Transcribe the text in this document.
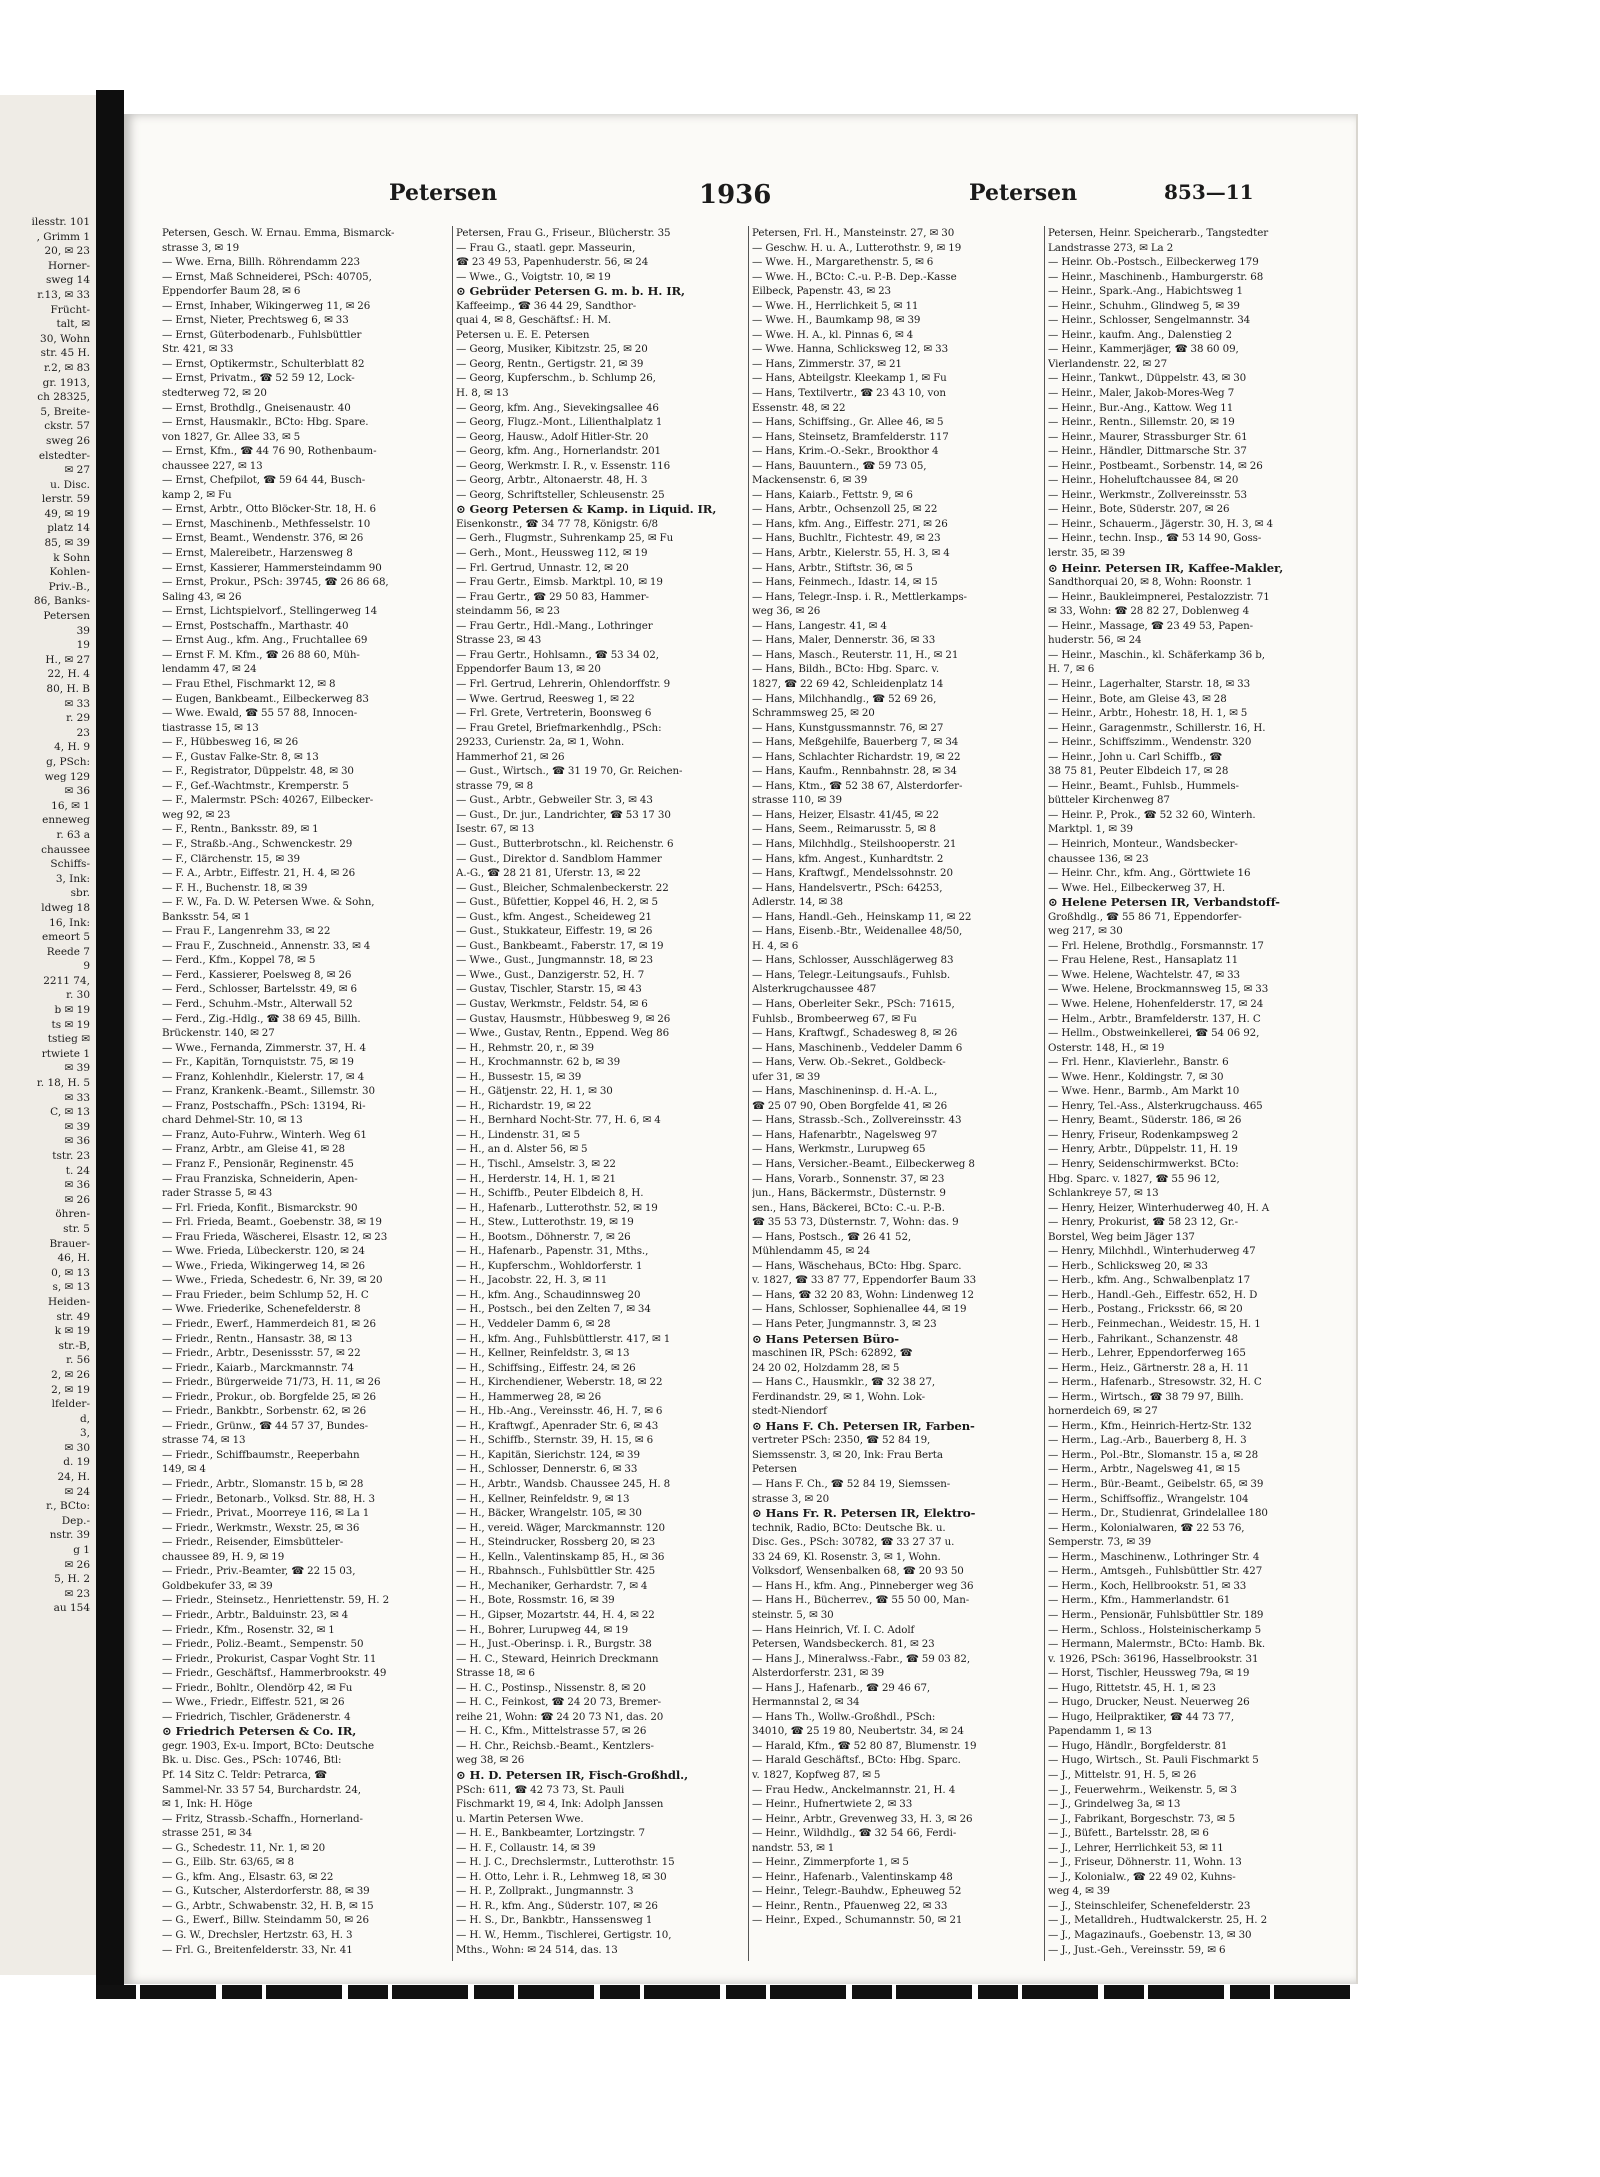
ilesstr. 101
, Grimm 1
20, ✉ 23
Horner-
sweg 14
r.13, ✉ 33
Frücht-
talt, ✉
30, Wohn
str. 45 H.
r.2, ✉ 83
gr. 1913,
ch 28325,
5, Breite-
ckstr. 57
sweg 26
elstedter-
✉ 27
u. Disc.
lerstr. 59
49, ✉ 19
platz 14
85, ✉ 39
k Sohn
Kohlen-
Priv.-B.,
86, Banks-
Petersen
39
19
H., ✉ 27
22, H. 4
80, H. B
✉ 33
r. 29
23
4, H. 9
g, PSch:
weg 129
✉ 36
16, ✉ 1
enneweg
r. 63 a
chaussee
Schiffs-
3, Ink:
sbr.
ldweg 18
16, Ink:
emeort 5
Reede 7
9
2211 74,
r. 30
b ✉ 19
ts ✉ 19
tstieg ✉
rtwiete 1
✉ 39
r. 18, H. 5
✉ 33
C, ✉ 13
✉ 39
✉ 36
tstr. 23
t. 24
✉ 36
✉ 26
öhren-
str. 5
Brauer-
46, H.
0, ✉ 13
s, ✉ 13
Heiden-
str. 49
k ✉ 19
str.-B,
r. 56
2, ✉ 26
2, ✉ 19
lfelder-
d,
3,
✉ 30
d. 19
24, H.
✉ 24
r., BCto:
Dep.-
nstr. 39
g 1
✉ 26
5, H. 2
✉ 23
au 154
Petersen	1936	Petersen	853—11
Petersen, Gesch. W. Ernau. Emma, Bismarck-
strasse 3, ✉ 19
— Wwe. Erna, Billh. Röhrendamm 223
— Ernst, Maß Schneiderei, PSch: 40705,
Eppendorfer Baum 28, ✉ 6
— Ernst, Inhaber, Wikingerweg 11, ✉ 26
— Ernst, Nieter, Prechtsweg 6, ✉ 33
— Ernst, Güterbodenarb., Fuhlsbüttler
Str. 421, ✉ 33
— Ernst, Optikermstr., Schulterblatt 82
— Ernst, Privatm., ☎ 52 59 12, Lock-
stedterweg 72, ✉ 20
— Ernst, Brothdlg., Gneisenaustr. 40
— Ernst, Hausmaklr., BCto: Hbg. Spare.
von 1827, Gr. Allee 33, ✉ 5
— Ernst, Kfm., ☎ 44 76 90, Rothenbaum-
chaussee 227, ✉ 13
— Ernst, Chefpilot, ☎ 59 64 44, Busch-
kamp 2, ✉ Fu
— Ernst, Arbtr., Otto Blöcker-Str. 18, H. 6
— Ernst, Maschinenb., Methfesselstr. 10
— Ernst, Beamt., Wendenstr. 376, ✉ 26
— Ernst, Malereibetr., Harzensweg 8
— Ernst, Kassierer, Hammersteindamm 90
— Ernst, Prokur., PSch: 39745, ☎ 26 86 68,
Saling 43, ✉ 26
— Ernst, Lichtspielvorf., Stellingerweg 14
— Ernst, Postschaffn., Marthastr. 40
— Ernst Aug., kfm. Ang., Fruchtallee 69
— Ernst F. M. Kfm., ☎ 26 88 60, Müh-
lendamm 47, ✉ 24
— Frau Ethel, Fischmarkt 12, ✉ 8
— Eugen, Bankbeamt., Eilbeckerweg 83
— Wwe. Ewald, ☎ 55 57 88, Innocen-
tiastrasse 15, ✉ 13
— F., Hübbesweg 16, ✉ 26
— F., Gustav Falke-Str. 8, ✉ 13
— F., Registrator, Düppelstr. 48, ✉ 30
— F., Gef.-Wachtmstr., Kremperstr. 5
— F., Malermstr. PSch: 40267, Eilbecker-
weg 92, ✉ 23
— F., Rentn., Banksstr. 89, ✉ 1
— F., Straßb.-Ang., Schwenckestr. 29
— F., Clärchenstr. 15, ✉ 39
— F. A., Arbtr., Eiffestr. 21, H. 4, ✉ 26
— F. H., Buchenstr. 18, ✉ 39
— F. W., Fa. D. W. Petersen Wwe. & Sohn,
Banksstr. 54, ✉ 1
— Frau F., Langenrehm 33, ✉ 22
— Frau F., Zuschneid., Annenstr. 33, ✉ 4
— Ferd., Kfm., Koppel 78, ✉ 5
— Ferd., Kassierer, Poelsweg 8, ✉ 26
— Ferd., Schlosser, Bartelsstr. 49, ✉ 6
— Ferd., Schuhm.-Mstr., Alterwall 52
— Ferd., Zig.-Hdlg., ☎ 38 69 45, Billh.
Brückenstr. 140, ✉ 27
— Wwe., Fernanda, Zimmerstr. 37, H. 4
— Fr., Kapitän, Tornquiststr. 75, ✉ 19
— Franz, Kohlenhdlr., Kielerstr. 17, ✉ 4
— Franz, Krankenk.-Beamt., Sillemstr. 30
— Franz, Postschaffn., PSch: 13194, Ri-
chard Dehmel-Str. 10, ✉ 13
— Franz, Auto-Fuhrw., Winterh. Weg 61
— Franz, Arbtr., am Gleise 41, ✉ 28
— Franz F., Pensionär, Reginenstr. 45
— Frau Franziska, Schneiderin, Apen-
rader Strasse 5, ✉ 43
— Frl. Frieda, Konfit., Bismarckstr. 90
— Frl. Frieda, Beamt., Goebenstr. 38, ✉ 19
— Frau Frieda, Wäscherei, Elsastr. 12, ✉ 23
— Wwe. Frieda, Lübeckerstr. 120, ✉ 24
— Wwe., Frieda, Wikingerweg 14, ✉ 26
— Wwe., Frieda, Schedestr. 6, Nr. 39, ✉ 20
— Frau Frieder., beim Schlump 52, H. C
— Wwe. Friederike, Schenefelderstr. 8
— Friedr., Ewerf., Hammerdeich 81, ✉ 26
— Friedr., Rentn., Hansastr. 38, ✉ 13
— Friedr., Arbtr., Desenissstr. 57, ✉ 22
— Friedr., Kaiarb., Marckmannstr. 74
— Friedr., Bürgerweide 71/73, H. 11, ✉ 26
— Friedr., Prokur., ob. Borgfelde 25, ✉ 26
— Friedr., Bankbtr., Sorbenstr. 62, ✉ 26
— Friedr., Grünw., ☎ 44 57 37, Bundes-
strasse 74, ✉ 13
— Friedr., Schiffbaumstr., Reeperbahn
149, ✉ 4
— Friedr., Arbtr., Slomanstr. 15 b, ✉ 28
— Friedr., Betonarb., Volksd. Str. 88, H. 3
— Friedr., Privat., Moorreye 116, ✉ La 1
— Friedr., Werkmstr., Wexstr. 25, ✉ 36
— Friedr., Reisender, Eimsbütteler-
chaussee 89, H. 9, ✉ 19
— Friedr., Priv.-Beamter, ☎ 22 15 03,
Goldbekufer 33, ✉ 39
— Friedr., Steinsetz., Henriettenstr. 59, H. 2
— Friedr., Arbtr., Balduinstr. 23, ✉ 4
— Friedr., Kfm., Rosenstr. 32, ✉ 1
— Friedr., Poliz.-Beamt., Sempenstr. 50
— Friedr., Prokurist, Caspar Voght Str. 11
— Friedr., Geschäftsf., Hammerbrookstr. 49
— Friedr., Bohltr., Olendörp 42, ✉ Fu
— Wwe., Friedr., Eiffestr. 521, ✉ 26
— Friedrich, Tischler, Grädenerstr. 4
⊙ Friedrich Petersen & Co. IR,
gegr. 1903, Ex-u. Import, BCto: Deutsche
Bk. u. Disc. Ges., PSch: 10746, Btl:
Pf. 14 Sitz C. Teldr: Petrarca, ☎
Sammel-Nr. 33 57 54, Burchardstr. 24,
✉ 1, Ink: H. Höge
— Fritz, Strassb.-Schaffn., Hornerland-
strasse 251, ✉ 34
— G., Schedestr. 11, Nr. 1, ✉ 20
— G., Eilb. Str. 63/65, ✉ 8
— G., kfm. Ang., Elsastr. 63, ✉ 22
— G., Kutscher, Alsterdorferstr. 88, ✉ 39
— G., Arbtr., Schwabenstr. 32, H. B, ✉ 15
— G., Ewerf., Billw. Steindamm 50, ✉ 26
— G. W., Drechsler, Hertzstr. 63, H. 3
— Frl. G., Breitenfelderstr. 33, Nr. 41
Petersen, Frau G., Friseur., Blücherstr. 35
— Frau G., staatl. gepr. Masseurin,
☎ 23 49 53, Papenhuderstr. 56, ✉ 24
— Wwe., G., Voigtstr. 10, ✉ 19
⊙ Gebrüder Petersen G. m. b. H. IR,
Kaffeeimp., ☎ 36 44 29, Sandthor-
quai 4, ✉ 8, Geschäftsf.: H. M.
Petersen u. E. E. Petersen
— Georg, Musiker, Kibitzstr. 25, ✉ 20
— Georg, Rentn., Gertigstr. 21, ✉ 39
— Georg, Kupferschm., b. Schlump 26,
H. 8, ✉ 13
— Georg, kfm. Ang., Sievekingsallee 46
— Georg, Flugz.-Mont., Lilienthalplatz 1
— Georg, Hausw., Adolf Hitler-Str. 20
— Georg, kfm. Ang., Hornerlandstr. 201
— Georg, Werkmstr. I. R., v. Essenstr. 116
— Georg, Arbtr., Altonaerstr. 48, H. 3
— Georg, Schriftsteller, Schleusenstr. 25
⊙ Georg Petersen & Kamp. in Liquid. IR,
Eisenkonstr., ☎ 34 77 78, Königstr. 6/8
— Gerh., Flugmstr., Suhrenkamp 25, ✉ Fu
— Gerh., Mont., Heussweg 112, ✉ 19
— Frl. Gertrud, Unnastr. 12, ✉ 20
— Frau Gertr., Eimsb. Marktpl. 10, ✉ 19
— Frau Gertr., ☎ 29 50 83, Hammer-
steindamm 56, ✉ 23
— Frau Gertr., Hdl.-Mang., Lothringer
Strasse 23, ✉ 43
— Frau Gertr., Hohlsamn., ☎ 53 34 02,
Eppendorfer Baum 13, ✉ 20
— Frl. Gertrud, Lehrerin, Ohlendorffstr. 9
— Wwe. Gertrud, Reesweg 1, ✉ 22
— Frl. Grete, Vertreterin, Boonsweg 6
— Frau Gretel, Briefmarkenhdlg., PSch:
29233, Curienstr. 2a, ✉ 1, Wohn.
Hammerhof 21, ✉ 26
— Gust., Wirtsch., ☎ 31 19 70, Gr. Reichen-
strasse 79, ✉ 8
— Gust., Arbtr., Gebweiler Str. 3, ✉ 43
— Gust., Dr. jur., Landrichter, ☎ 53 17 30
Isestr. 67, ✉ 13
— Gust., Butterbrotschn., kl. Reichenstr. 6
— Gust., Direktor d. Sandblom Hammer
A.-G., ☎ 28 21 81, Uferstr. 13, ✉ 22
— Gust., Bleicher, Schmalenbeckerstr. 22
— Gust., Büfettier, Koppel 46, H. 2, ✉ 5
— Gust., kfm. Angest., Scheideweg 21
— Gust., Stukkateur, Eiffestr. 19, ✉ 26
— Gust., Bankbeamt., Faberstr. 17, ✉ 19
— Wwe., Gust., Jungmannstr. 18, ✉ 23
— Wwe., Gust., Danzigerstr. 52, H. 7
— Gustav, Tischler, Starstr. 15, ✉ 43
— Gustav, Werkmstr., Feldstr. 54, ✉ 6
— Gustav, Hausmstr., Hübbesweg 9, ✉ 26
— Wwe., Gustav, Rentn., Eppend. Weg 86
— H., Rehmstr. 20, r., ✉ 39
— H., Krochmannstr. 62 b, ✉ 39
— H., Bussestr. 15, ✉ 39
— H., Gätjenstr. 22, H. 1, ✉ 30
— H., Richardstr. 19, ✉ 22
— H., Bernhard Nocht-Str. 77, H. 6, ✉ 4
— H., Lindenstr. 31, ✉ 5
— H., an d. Alster 56, ✉ 5
— H., Tischl., Amselstr. 3, ✉ 22
— H., Herderstr. 14, H. 1, ✉ 21
— H., Schiffb., Peuter Elbdeich 8, H.
— H., Hafenarb., Lutterothstr. 52, ✉ 19
— H., Stew., Lutterothstr. 19, ✉ 19
— H., Bootsm., Döhnerstr. 7, ✉ 26
— H., Hafenarb., Papenstr. 31, Mths.,
— H., Kupferschm., Wohldorferstr. 1
— H., Jacobstr. 22, H. 3, ✉ 11
— H., kfm. Ang., Schaudinnsweg 20
— H., Postsch., bei den Zelten 7, ✉ 34
— H., Veddeler Damm 6, ✉ 28
— H., kfm. Ang., Fuhlsbüttlerstr. 417, ✉ 1
— H., Kellner, Reinfeldstr. 3, ✉ 13
— H., Schiffsing., Eiffestr. 24, ✉ 26
— H., Kirchendiener, Weberstr. 18, ✉ 22
— H., Hammerweg 28, ✉ 26
— H., Hb.-Ang., Vereinsstr. 46, H. 7, ✉ 6
— H., Kraftwgf., Apenrader Str. 6, ✉ 43
— H., Schiffb., Sternstr. 39, H. 15, ✉ 6
— H., Kapitän, Sierichstr. 124, ✉ 39
— H., Schlosser, Dennerstr. 6, ✉ 33
— H., Arbtr., Wandsb. Chaussee 245, H. 8
— H., Kellner, Reinfeldstr. 9, ✉ 13
— H., Bäcker, Wrangelstr. 105, ✉ 30
— H., vereid. Wäger, Marckmannstr. 120
— H., Steindrucker, Rossberg 20, ✉ 23
— H., Kelln., Valentinskamp 85, H., ✉ 36
— H., Rbahnsch., Fuhlsbüttler Str. 425
— H., Mechaniker, Gerhardstr. 7, ✉ 4
— H., Bote, Rossmstr. 16, ✉ 39
— H., Gipser, Mozartstr. 44, H. 4, ✉ 22
— H., Bohrer, Lurupweg 44, ✉ 19
— H., Just.-Oberinsp. i. R., Burgstr. 38
— H. C., Steward, Heinrich Dreckmann
Strasse 18, ✉ 6
— H. C., Postinsp., Nissenstr. 8, ✉ 20
— H. C., Feinkost, ☎ 24 20 73, Bremer-
reihe 21, Wohn: ☎ 24 20 73 N1, das. 20
— H. C., Kfm., Mittelstrasse 57, ✉ 26
— H. Chr., Reichsb.-Beamt., Kentzlers-
weg 38, ✉ 26
⊙ H. D. Petersen IR, Fisch-Großhdl.,
PSch: 611, ☎ 42 73 73, St. Pauli
Fischmarkt 19, ✉ 4, Ink: Adolph Janssen
u. Martin Petersen Wwe.
— H. E., Bankbeamter, Lortzingstr. 7
— H. F., Collaustr. 14, ✉ 39
— H. J. C., Drechslermstr., Lutterothstr. 15
— H. Otto, Lehr. i. R., Lehmweg 18, ✉ 30
— H. P., Zollprakt., Jungmannstr. 3
— H. R., kfm. Ang., Süderstr. 107, ✉ 26
— H. S., Dr., Bankbtr., Hanssensweg 1
— H. W., Hemm., Tischlerei, Gertigstr. 10,
Mths., Wohn: ✉ 24 514, das. 13
Petersen, Frl. H., Mansteinstr. 27, ✉ 30
— Geschw. H. u. A., Lutterothstr. 9, ✉ 19
— Wwe. H., Margarethenstr. 5, ✉ 6
— Wwe. H., BCto: C.-u. P.-B. Dep.-Kasse
Eilbeck, Papenstr. 43, ✉ 23
— Wwe. H., Herrlichkeit 5, ✉ 11
— Wwe. H., Baumkamp 98, ✉ 39
— Wwe. H. A., kl. Pinnas 6, ✉ 4
— Wwe. Hanna, Schlicksweg 12, ✉ 33
— Hans, Zimmerstr. 37, ✉ 21
— Hans, Abteilgstr. Kleekamp 1, ✉ Fu
— Hans, Textilvertr., ☎ 23 43 10, von
Essenstr. 48, ✉ 22
— Hans, Schiffsing., Gr. Allee 46, ✉ 5
— Hans, Steinsetz, Bramfelderstr. 117
— Hans, Krim.-O.-Sekr., Brookthor 4
— Hans, Bauuntern., ☎ 59 73 05,
Mackensenstr. 6, ✉ 39
— Hans, Kaiarb., Fettstr. 9, ✉ 6
— Hans, Arbtr., Ochsenzoll 25, ✉ 22
— Hans, kfm. Ang., Eiffestr. 271, ✉ 26
— Hans, Buchltr., Fichtestr. 49, ✉ 23
— Hans, Arbtr., Kielerstr. 55, H. 3, ✉ 4
— Hans, Arbtr., Stiftstr. 36, ✉ 5
— Hans, Feinmech., Idastr. 14, ✉ 15
— Hans, Telegr.-Insp. i. R., Mettlerkamps-
weg 36, ✉ 26
— Hans, Langestr. 41, ✉ 4
— Hans, Maler, Dennerstr. 36, ✉ 33
— Hans, Masch., Reuterstr. 11, H., ✉ 21
— Hans, Bildh., BCto: Hbg. Sparc. v.
1827, ☎ 22 69 42, Schleidenplatz 14
— Hans, Milchhandlg., ☎ 52 69 26,
Schrammsweg 25, ✉ 20
— Hans, Kunstgussmannstr. 76, ✉ 27
— Hans, Meßgehilfe, Bauerberg 7, ✉ 34
— Hans, Schlachter Richardstr. 19, ✉ 22
— Hans, Kaufm., Rennbahnstr. 28, ✉ 34
— Hans, Ktm., ☎ 52 38 67, Alsterdorfer-
strasse 110, ✉ 39
— Hans, Heizer, Elsastr. 41/45, ✉ 22
— Hans, Seem., Reimarusstr. 5, ✉ 8
— Hans, Milchhdlg., Steilshooperstr. 21
— Hans, kfm. Angest., Kunhardtstr. 2
— Hans, Kraftwgf., Mendelssohnstr. 20
— Hans, Handelsvertr., PSch: 64253,
Adlerstr. 14, ✉ 38
— Hans, Handl.-Geh., Heinskamp 11, ✉ 22
— Hans, Eisenb.-Btr., Weidenallee 48/50,
H. 4, ✉ 6
— Hans, Schlosser, Ausschlägerweg 83
— Hans, Telegr.-Leitungsaufs., Fuhlsb.
Alsterkrugchaussee 487
— Hans, Oberleiter Sekr., PSch: 71615,
Fuhlsb., Brombeerweg 67, ✉ Fu
— Hans, Kraftwgf., Schadesweg 8, ✉ 26
— Hans, Maschinenb., Veddeler Damm 6
— Hans, Verw. Ob.-Sekret., Goldbeck-
ufer 31, ✉ 39
— Hans, Maschineninsp. d. H.-A. L.,
☎ 25 07 90, Oben Borgfelde 41, ✉ 26
— Hans, Strassb.-Sch., Zollvereinsstr. 43
— Hans, Hafenarbtr., Nagelsweg 97
— Hans, Werkmstr., Lurupweg 65
— Hans, Versicher.-Beamt., Eilbeckerweg 8
— Hans, Vorarb., Sonnenstr. 37, ✉ 23
jun., Hans, Bäckermstr., Düsternstr. 9
sen., Hans, Bäckerei, BCto: C.-u. P.-B.
☎ 35 53 73, Düsternstr. 7, Wohn: das. 9
— Hans, Postsch., ☎ 26 41 52,
Mühlendamm 45, ✉ 24
— Hans, Wäschehaus, BCto: Hbg. Sparc.
v. 1827, ☎ 33 87 77, Eppendorfer Baum 33
— Hans, ☎ 32 20 83, Wohn: Lindenweg 12
— Hans, Schlosser, Sophienallee 44, ✉ 19
— Hans Peter, Jungmannstr. 3, ✉ 23
⊙ Hans Petersen Büro-
maschinen IR, PSch: 62892, ☎
24 20 02, Holzdamm 28, ✉ 5
— Hans C., Hausmklr., ☎ 32 38 27,
Ferdinandstr. 29, ✉ 1, Wohn. Lok-
stedt-Niendorf
⊙ Hans F. Ch. Petersen IR, Farben-
vertreter PSch: 2350, ☎ 52 84 19,
Siemssenstr. 3, ✉ 20, Ink: Frau Berta
Petersen
— Hans F. Ch., ☎ 52 84 19, Siemssen-
strasse 3, ✉ 20
⊙ Hans Fr. R. Petersen IR, Elektro-
technik, Radio, BCto: Deutsche Bk. u.
Disc. Ges., PSch: 30782, ☎ 33 27 37 u.
33 24 69, Kl. Rosenstr. 3, ✉ 1, Wohn.
Volksdorf, Wensenbalken 68, ☎ 20 93 50
— Hans H., kfm. Ang., Pinneberger weg 36
— Hans H., Bücherrev., ☎ 55 50 00, Man-
steinstr. 5, ✉ 30
— Hans Heinrich, Vf. I. C. Adolf
Petersen, Wandsbeckerch. 81, ✉ 23
— Hans J., Mineralwss.-Fabr., ☎ 59 03 82,
Alsterdorferstr. 231, ✉ 39
— Hans J., Hafenarb., ☎ 29 46 67,
Hermannstal 2, ✉ 34
— Hans Th., Wollw.-Großhdl., PSch:
34010, ☎ 25 19 80, Neubertstr. 34, ✉ 24
— Harald, Kfm., ☎ 52 80 87, Blumenstr. 19
— Harald Geschäftsf., BCto: Hbg. Sparc.
v. 1827, Kopfweg 87, ✉ 5
— Frau Hedw., Anckelmannstr. 21, H. 4
— Heinr., Hufnertwiete 2, ✉ 33
— Heinr., Arbtr., Grevenweg 33, H. 3, ✉ 26
— Heinr., Wildhdlg., ☎ 32 54 66, Ferdi-
nandstr. 53, ✉ 1
— Heinr., Zimmerpforte 1, ✉ 5
— Heinr., Hafenarb., Valentinskamp 48
— Heinr., Telegr.-Bauhdw., Epheuweg 52
— Heinr., Rentn., Pfauenweg 22, ✉ 33
— Heinr., Exped., Schumannstr. 50, ✉ 21
Petersen, Heinr. Speicherarb., Tangstedter
Landstrasse 273, ✉ La 2
— Heinr. Ob.-Postsch., Eilbeckerweg 179
— Heinr., Maschinenb., Hamburgerstr. 68
— Heinr., Spark.-Ang., Habichtsweg 1
— Heinr., Schuhm., Glindweg 5, ✉ 39
— Heinr., Schlosser, Sengelmannstr. 34
— Heinr., kaufm. Ang., Dalenstieg 2
— Heinr., Kammerjäger, ☎ 38 60 09,
Vierlandenstr. 22, ✉ 27
— Heinr., Tankwt., Düppelstr. 43, ✉ 30
— Heinr., Maler, Jakob-Mores-Weg 7
— Heinr., Bur.-Ang., Kattow. Weg 11
— Heinr., Rentn., Sillemstr. 20, ✉ 19
— Heinr., Maurer, Strassburger Str. 61
— Heinr., Händler, Dittmarsche Str. 37
— Heinr., Postbeamt., Sorbenstr. 14, ✉ 26
— Heinr., Hoheluftchaussee 84, ✉ 20
— Heinr., Werkmstr., Zollvereinsstr. 53
— Heinr., Bote, Süderstr. 207, ✉ 26
— Heinr., Schauerm., Jägerstr. 30, H. 3, ✉ 4
— Heinr., techn. Insp., ☎ 53 14 90, Goss-
lerstr. 35, ✉ 39
⊙ Heinr. Petersen IR, Kaffee-Makler,
Sandthorquai 20, ✉ 8, Wohn: Roonstr. 1
— Heinr., Baukleimpnerei, Pestalozzistr. 71
✉ 33, Wohn: ☎ 28 82 27, Doblenweg 4
— Heinr., Massage, ☎ 23 49 53, Papen-
huderstr. 56, ✉ 24
— Heinr., Maschin., kl. Schäferkamp 36 b,
H. 7, ✉ 6
— Heinr., Lagerhalter, Starstr. 18, ✉ 33
— Heinr., Bote, am Gleise 43, ✉ 28
— Heinr., Arbtr., Hohestr. 18, H. 1, ✉ 5
— Heinr., Garagenmstr., Schillerstr. 16, H.
— Heinr., Schiffszimm., Wendenstr. 320
— Heinr., John u. Carl Schiffb., ☎
38 75 81, Peuter Elbdeich 17, ✉ 28
— Heinr., Beamt., Fuhlsb., Hummels-
bütteler Kirchenweg 87
— Heinr. P., Prok., ☎ 52 32 60, Winterh.
Marktpl. 1, ✉ 39
— Heinrich, Monteur., Wandsbecker-
chaussee 136, ✉ 23
— Heinr. Chr., kfm. Ang., Görttwiete 16
— Wwe. Hel., Eilbeckerweg 37, H.
⊙ Helene Petersen IR, Verbandstoff-
Großhdlg., ☎ 55 86 71, Eppendorfer-
weg 217, ✉ 30
— Frl. Helene, Brothdlg., Forsmannstr. 17
— Frau Helene, Rest., Hansaplatz 11
— Wwe. Helene, Wachtelstr. 47, ✉ 33
— Wwe. Helene, Brockmannsweg 15, ✉ 33
— Wwe. Helene, Hohenfelderstr. 17, ✉ 24
— Helm., Arbtr., Bramfelderstr. 137, H. C
— Hellm., Obstweinkellerei, ☎ 54 06 92,
Osterstr. 148, H., ✉ 19
— Frl. Henr., Klavierlehr., Banstr. 6
— Wwe. Henr., Koldingstr. 7, ✉ 30
— Wwe. Henr., Barmb., Am Markt 10
— Henry, Tel.-Ass., Alsterkrugchauss. 465
— Henry, Beamt., Süderstr. 186, ✉ 26
— Henry, Friseur, Rodenkampsweg 2
— Henry, Arbtr., Düppelstr. 11, H. 19
— Henry, Seidenschirmwerkst. BCto:
Hbg. Sparc. v. 1827, ☎ 55 96 12,
Schlankreye 57, ✉ 13
— Henry, Heizer, Winterhuderweg 40, H. A
— Henry, Prokurist, ☎ 58 23 12, Gr.-
Borstel, Weg beim Jäger 137
— Henry, Milchhdl., Winterhuderweg 47
— Herb., Schlicksweg 20, ✉ 33
— Herb., kfm. Ang., Schwalbenplatz 17
— Herb., Handl.-Geh., Eiffestr. 652, H. D
— Herb., Postang., Fricksstr. 66, ✉ 20
— Herb., Feinmechan., Weidestr. 15, H. 1
— Herb., Fahrikant., Schanzenstr. 48
— Herb., Lehrer, Eppendorferweg 165
— Herm., Heiz., Gärtnerstr. 28 a, H. 11
— Herm., Hafenarb., Stresowstr. 32, H. C
— Herm., Wirtsch., ☎ 38 79 97, Billh.
hornerdeich 69, ✉ 27
— Herm., Kfm., Heinrich-Hertz-Str. 132
— Herm., Lag.-Arb., Bauerberg 8, H. 3
— Herm., Pol.-Btr., Slomanstr. 15 a, ✉ 28
— Herm., Arbtr., Nagelsweg 41, ✉ 15
— Herm., Bür.-Beamt., Geibelstr. 65, ✉ 39
— Herm., Schiffsoffiz., Wrangelstr. 104
— Herm., Dr., Studienrat, Grindelallee 180
— Herm., Kolonialwaren, ☎ 22 53 76,
Semperstr. 73, ✉ 39
— Herm., Maschinenw., Lothringer Str. 4
— Herm., Amtsgeh., Fuhlsbüttler Str. 427
— Herm., Koch, Hellbrookstr. 51, ✉ 33
— Herm., Kfm., Hammerlandstr. 61
— Herm., Pensionär, Fuhlsbüttler Str. 189
— Herm., Schloss., Holsteinischerkamp 5
— Hermann, Malermstr., BCto: Hamb. Bk.
v. 1926, PSch: 36196, Hasselbrookstr. 31
— Horst, Tischler, Heussweg 79a, ✉ 19
— Hugo, Rittetstr. 45, H. 1, ✉ 23
— Hugo, Drucker, Neust. Neuerweg 26
— Hugo, Heilpraktiker, ☎ 44 73 77,
Papendamm 1, ✉ 13
— Hugo, Händlr., Borgfelderstr. 81
— Hugo, Wirtsch., St. Pauli Fischmarkt 5
— J., Mittelstr. 91, H. 5, ✉ 26
— J., Feuerwehrm., Weikenstr. 5, ✉ 3
— J., Grindelweg 3a, ✉ 13
— J., Fabrikant, Borgeschstr. 73, ✉ 5
— J., Büfett., Bartelsstr. 28, ✉ 6
— J., Lehrer, Herrlichkeit 53, ✉ 11
— J., Friseur, Döhnerstr. 11, Wohn. 13
— J., Kolonialw., ☎ 22 49 02, Kuhns-
weg 4, ✉ 39
— J., Steinschleifer, Schenefelderstr. 23
— J., Metalldreh., Hudtwalckerstr. 25, H. 2
— J., Magazinaufs., Goebenstr. 13, ✉ 30
— J., Just.-Geh., Vereinsstr. 59, ✉ 6
